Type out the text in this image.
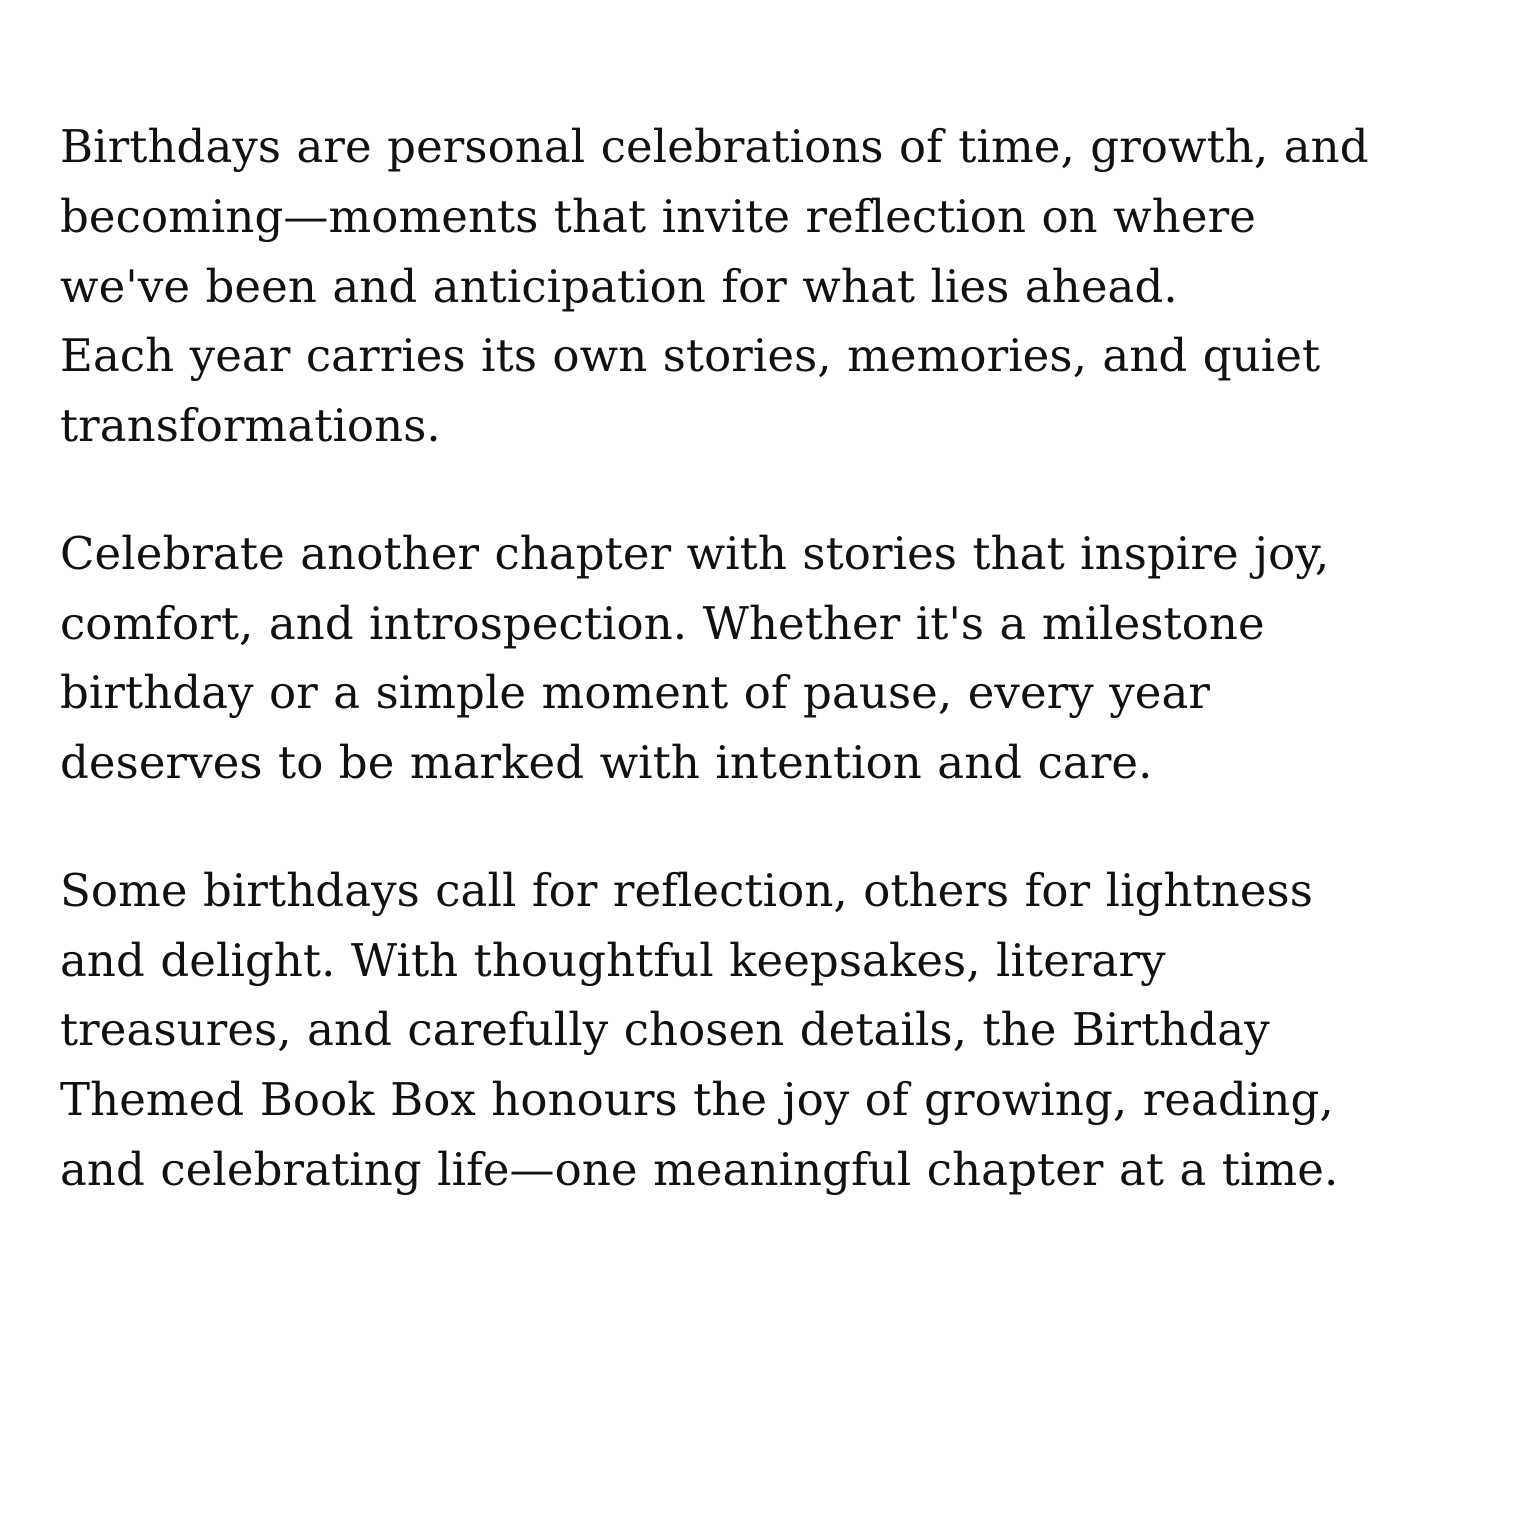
Birthdays are personal celebrations of time, growth, and
becoming—moments that invite reflection on where
we've been and anticipation for what lies ahead.
Each year carries its own stories, memories, and quiet
transformations.

Celebrate another chapter with stories that inspire joy,
comfort, and introspection. Whether it's a milestone
birthday or a simple moment of pause, every year
deserves to be marked with intention and care.

Some birthdays call for reflection, others for lightness
and delight. With thoughtful keepsakes, literary
treasures, and carefully chosen details, the Birthday
Themed Book Box honours the joy of growing, reading,
and celebrating life—one meaningful chapter at a time.
